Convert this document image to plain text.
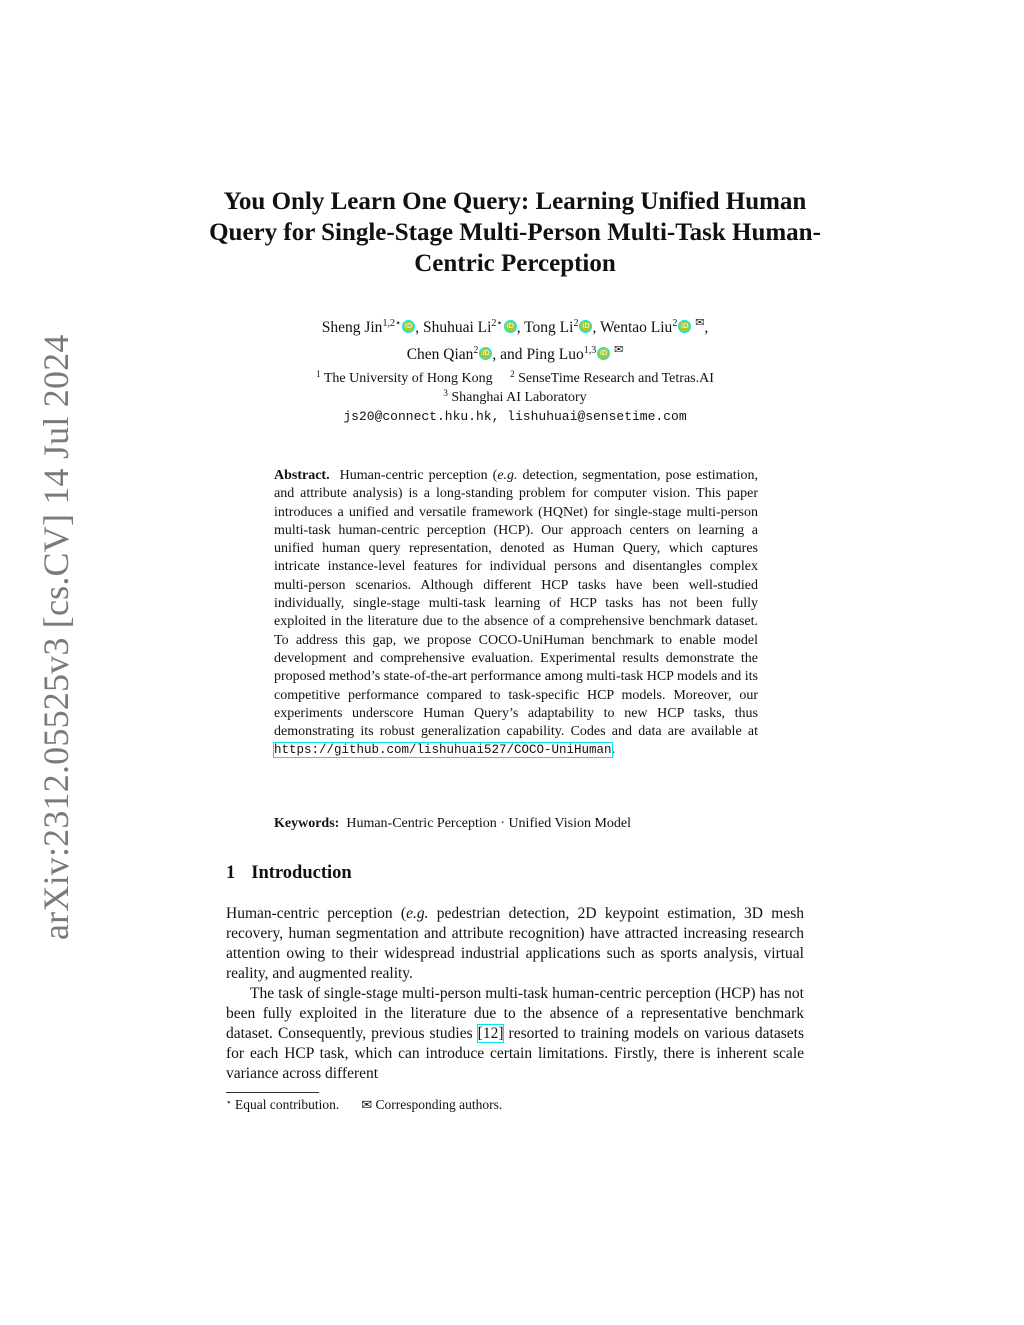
arXiv:2312.05525v3 [cs.CV] 14 Jul 2024
You Only Learn One Query: Learning Unified Human Query for Single-Stage Multi-Person Multi-Task Human-Centric Perception
Sheng Jin$^{1,2⋆}$ iD , Shuhuai $Li^{2⋆}$ iD , Tong Li$^2$ iD , Wentao Liu$^2$ iD ✉,
Chen Qian$^2$ iD , and Ping Luo$^{1,3}$ iD ✉
$^1$ The University of Hong Kong $^2$ SenseTime Research and Tetras.AI
$^3$ Shanghai AI Laboratory
js20@connect.hku.hk, lishuhuai@sensetime.com

Abstract. Human-centric perception (e.g. detection, segmentation, pose estimation, and attribute analysis) is a long-standing problem for computer vision. This paper introduces a unified and versatile framework (HQNet) for single-stage multi-person multi-task human-centric perception (HCP). Our approach centers on learning a unified human query representation, denoted as Human Query, which captures intricate instance-level features for individual persons and disentangles complex multi-person scenarios. Although different HCP tasks have been well-studied individually, single-stage multi-task learning of HCP tasks has not been fully exploited in the literature due to the absence of a comprehensive benchmark dataset. To address this gap, we propose COCO-UniHuman benchmark to enable model development and comprehensive evaluation. Experimental results demonstrate the proposed method’s state-of-the-art performance among multi-task HCP models and its competitive performance compared to task-specific HCP models. Moreover, our experiments underscore Human Query’s adaptability to new HCP tasks, thus demonstrating its robust generalization capability. Codes and data are available at https://github.com/lishuhuai527/COCO-UniHuman.

Keywords: Human-Centric Perception · Unified Vision Model

1 Introduction

Human-centric perception (e.g. pedestrian detection, 2D keypoint estimation, 3D mesh recovery, human segmentation and attribute recognition) have attracted increasing research attention owing to their widespread industrial applications such as sports analysis, virtual reality, and augmented reality.

The task of single-stage multi-person multi-task human-centric perception (HCP) has not been fully exploited in the literature due to the absence of a representative benchmark dataset. Consequently, previous studies [12] resorted to training models on various datasets for each HCP task, which can introduce certain limitations. Firstly, there is inherent scale variance across different

⋆ Equal contribution. ✉ Corresponding authors.
